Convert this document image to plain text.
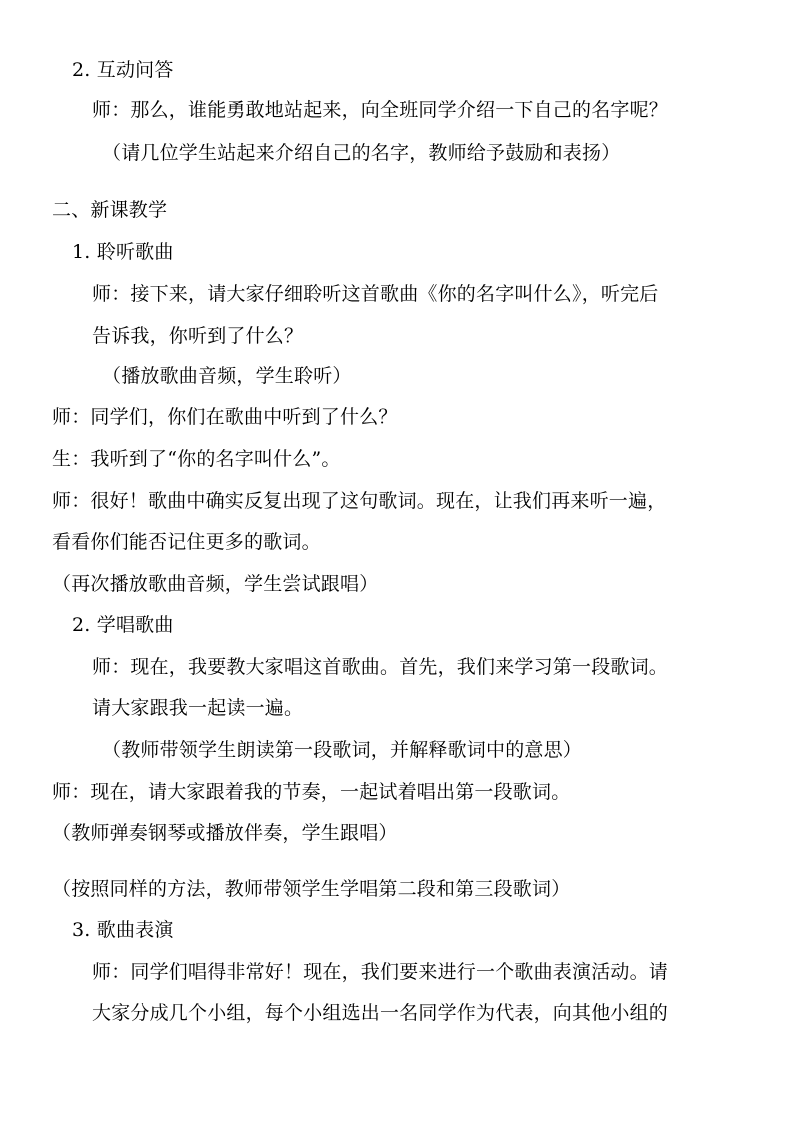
2. 互动问答
师：那么，谁能勇敢地站起来，向全班同学介绍一下自己的名字呢？
（请几位学生站起来介绍自己的名字，教师给予鼓励和表扬）
二、新课教学
1. 聆听歌曲
师：接下来，请大家仔细聆听这首歌曲《你的名字叫什么》，听完后
告诉我，你听到了什么？
（播放歌曲音频，学生聆听）
师：同学们，你们在歌曲中听到了什么？
生：我听到了“你的名字叫什么”。
师：很好！歌曲中确实反复出现了这句歌词。现在，让我们再来听一遍，
看看你们能否记住更多的歌词。
（再次播放歌曲音频，学生尝试跟唱）
2. 学唱歌曲
师：现在，我要教大家唱这首歌曲。首先，我们来学习第一段歌词。
请大家跟我一起读一遍。
（教师带领学生朗读第一段歌词，并解释歌词中的意思）
师：现在，请大家跟着我的节奏，一起试着唱出第一段歌词。
（教师弹奏钢琴或播放伴奏，学生跟唱）
（按照同样的方法，教师带领学生学唱第二段和第三段歌词）
3. 歌曲表演
师：同学们唱得非常好！现在，我们要来进行一个歌曲表演活动。请
大家分成几个小组，每个小组选出一名同学作为代表，向其他小组的
